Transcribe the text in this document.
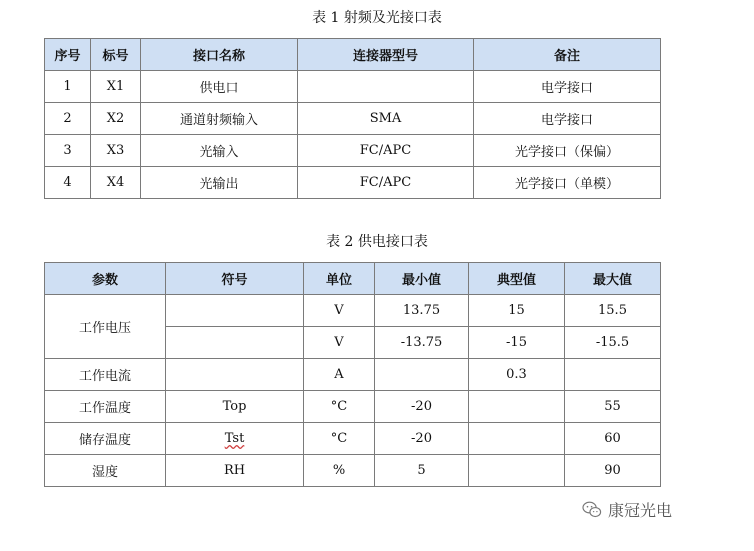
表 1 射频及光接口表
序号	标号	接口名称	连接器型号	备注
1	X1	供电口		电学接口
2	X2	通道射频输入	SMA	电学接口
3	X3	光输入	FC/APC	光学接口（保偏）
4	X4	光输出	FC/APC	光学接口（单模）
表 2 供电接口表
参数	符号	单位	最小值	典型值	最大值
工作电压		V	13.75	15	15.5
		V	-13.75	-15	-15.5
工作电流		A		0.3	
工作温度	Top	°C	-20		55
储存温度	Tst	°C	-20		60
湿度	RH	%	5		90
康冠光电
